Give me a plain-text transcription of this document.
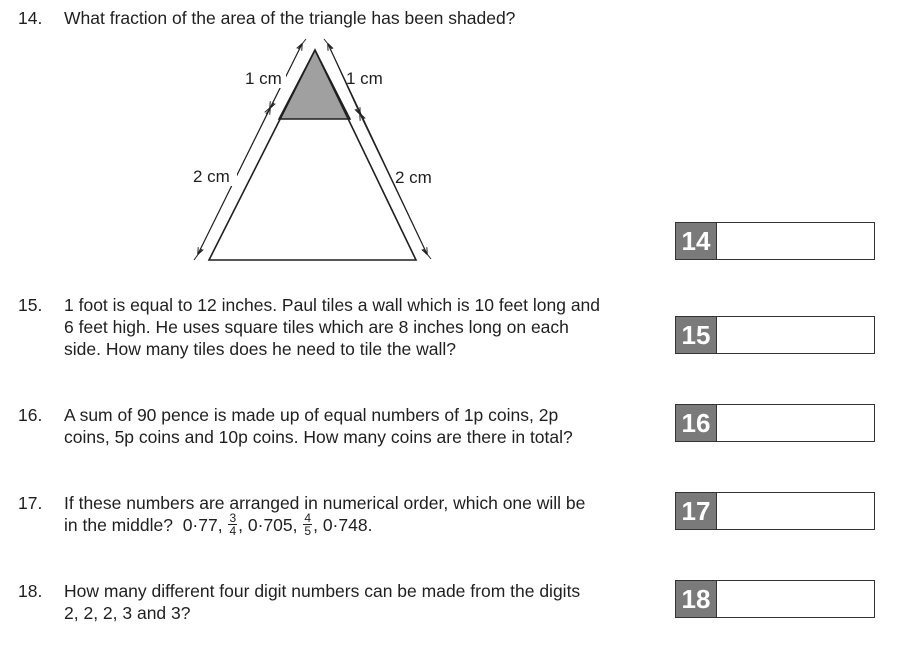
14. What fraction of the area of the triangle has been shaded?
1 cm	1 cm
2 cm	2 cm
15. 1 foot is equal to 12 inches. Paul tiles a wall which is 10 feet long and
6 feet high. He uses square tiles which are 8 inches long on each
side. How many tiles does he need to tile the wall?
16. A sum of 90 pence is made up of equal numbers of 1p coins, 2p
coins, 5p coins and 10p coins. How many coins are there in total?
17. If these numbers are arranged in numerical order, which one will be
in the middle? 0·77, $\frac{3}{4}$ , 0·705, $\frac{4}{5}$ , 0·748.
18. How many different four digit numbers can be made from the digits
2, 2, 2, 3 and 3?
14
15
16
17
18
